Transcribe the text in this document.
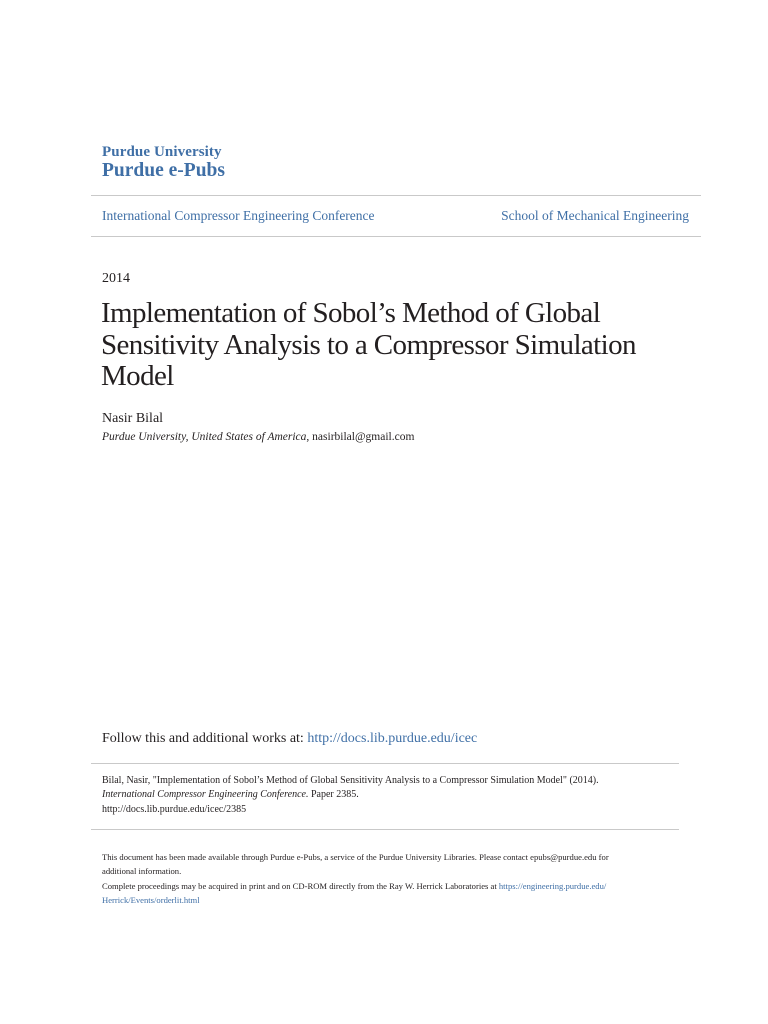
Purdue University
Purdue e-Pubs
International Compressor Engineering Conference	School of Mechanical Engineering
2014
Implementation of Sobol’s Method of Global
Sensitivity Analysis to a Compressor Simulation
Model
Nasir Bilal
Purdue University, United States of America, nasirbilal@gmail.com
Follow this and additional works at: http://docs.lib.purdue.edu/icec
Bilal, Nasir, "Implementation of Sobol’s Method of Global Sensitivity Analysis to a Compressor Simulation Model" (2014).
International Compressor Engineering Conference. Paper 2385.
http://docs.lib.purdue.edu/icec/2385
This document has been made available through Purdue e-Pubs, a service of the Purdue University Libraries. Please contact epubs@purdue.edu for
additional information.
Complete proceedings may be acquired in print and on CD-ROM directly from the Ray W. Herrick Laboratories at https://engineering.purdue.edu/
Herrick/Events/orderlit.html
